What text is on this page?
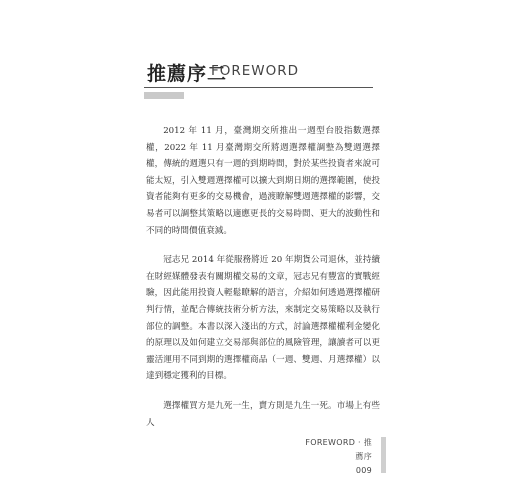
推薦序二
FOREWORD

2012 年 11 月，臺灣期交所推出一週型台股指數選擇權，2022 年 11 月臺灣期交所將週選擇權調整為雙週選擇權，傳統的週選只有一週的到期時間，對於某些投資者來說可能太短，引入雙週選擇權可以擴大到期日期的選擇範圍，使投資者能夠有更多的交易機會，過渡瞭解雙週選擇權的影響，交易者可以調整其策略以適應更長的交易時間、更大的波動性和不同的時間價值衰減。

冠志兄 2014 年從服務將近 20 年期貨公司退休，並持續在財經媒體發表有關期權交易的文章，冠志兄有豐富的實戰經驗，因此能用投資人輕鬆瞭解的語言，介紹如何透過選擇權研判行情，並配合傳統技術分析方法，來制定交易策略以及執行部位的調整。本書以深入淺出的方式，討論選擇權權利金變化的原理以及如何建立交易部與部位的風險管理，讓讀者可以更靈活運用不同到期的選擇權商品（一週、雙週、月選擇權）以達到穩定獲利的目標。

選擇權買方是九死一生，賣方則是九生一死。市場上有些人

FOREWORD · 推薦序
009
